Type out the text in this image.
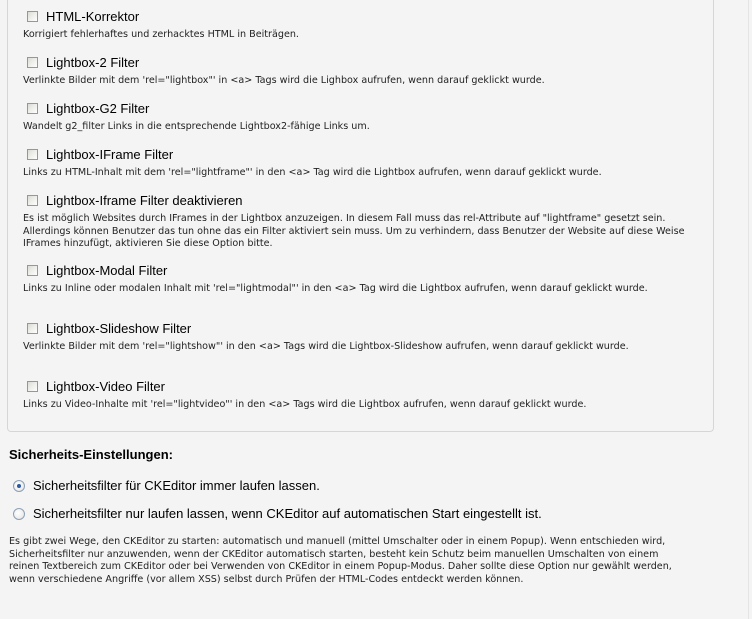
HTML-Korrektor
Korrigiert fehlerhaftes und zerhacktes HTML in Beiträgen.
Lightbox-2 Filter
Verlinkte Bilder mit dem 'rel="lightbox"' in <a> Tags wird die Lighbox aufrufen, wenn darauf geklickt wurde.
Lightbox-G2 Filter
Wandelt g2_filter Links in die entsprechende Lightbox2-fähige Links um.
Lightbox-IFrame Filter
Links zu HTML-Inhalt mit dem 'rel="lightframe"' in den <a> Tag wird die Lightbox aufrufen, wenn darauf geklickt wurde.
Lightbox-Iframe Filter deaktivieren
Es ist möglich Websites durch IFrames in der Lightbox anzuzeigen. In diesem Fall muss das rel-Attribute auf "lightframe" gesetzt sein. Allerdings können Benutzer das tun ohne das ein Filter aktiviert sein muss. Um zu verhindern, dass Benutzer der Website auf diese Weise IFrames hinzufügt, aktivieren Sie diese Option bitte.
Lightbox-Modal Filter
Links zu Inline oder modalen Inhalt mit 'rel="lightmodal"' in den <a> Tag wird die Lightbox aufrufen, wenn darauf geklickt wurde.
Lightbox-Slideshow Filter
Verlinkte Bilder mit dem 'rel="lightshow"' in den <a> Tags wird die Lightbox-Slideshow aufrufen, wenn darauf geklickt wurde.
Lightbox-Video Filter
Links zu Video-Inhalte mit 'rel="lightvideo"' in den <a> Tags wird die Lightbox aufrufen, wenn darauf geklickt wurde.
Sicherheits-Einstellungen:
Sicherheitsfilter für CKEditor immer laufen lassen.
Sicherheitsfilter nur laufen lassen, wenn CKEditor auf automatischen Start eingestellt ist.
Es gibt zwei Wege, den CKEditor zu starten: automatisch und manuell (mittel Umschalter oder in einem Popup). Wenn entschieden wird, Sicherheitsfilter nur anzuwenden, wenn der CKEditor automatisch starten, besteht kein Schutz beim manuellen Umschalten von einem reinen Textbereich zum CKEditor oder bei Verwenden von CKEditor in einem Popup-Modus. Daher sollte diese Option nur gewählt werden, wenn verschiedene Angriffe (vor allem XSS) selbst durch Prüfen der HTML-Codes entdeckt werden können.
